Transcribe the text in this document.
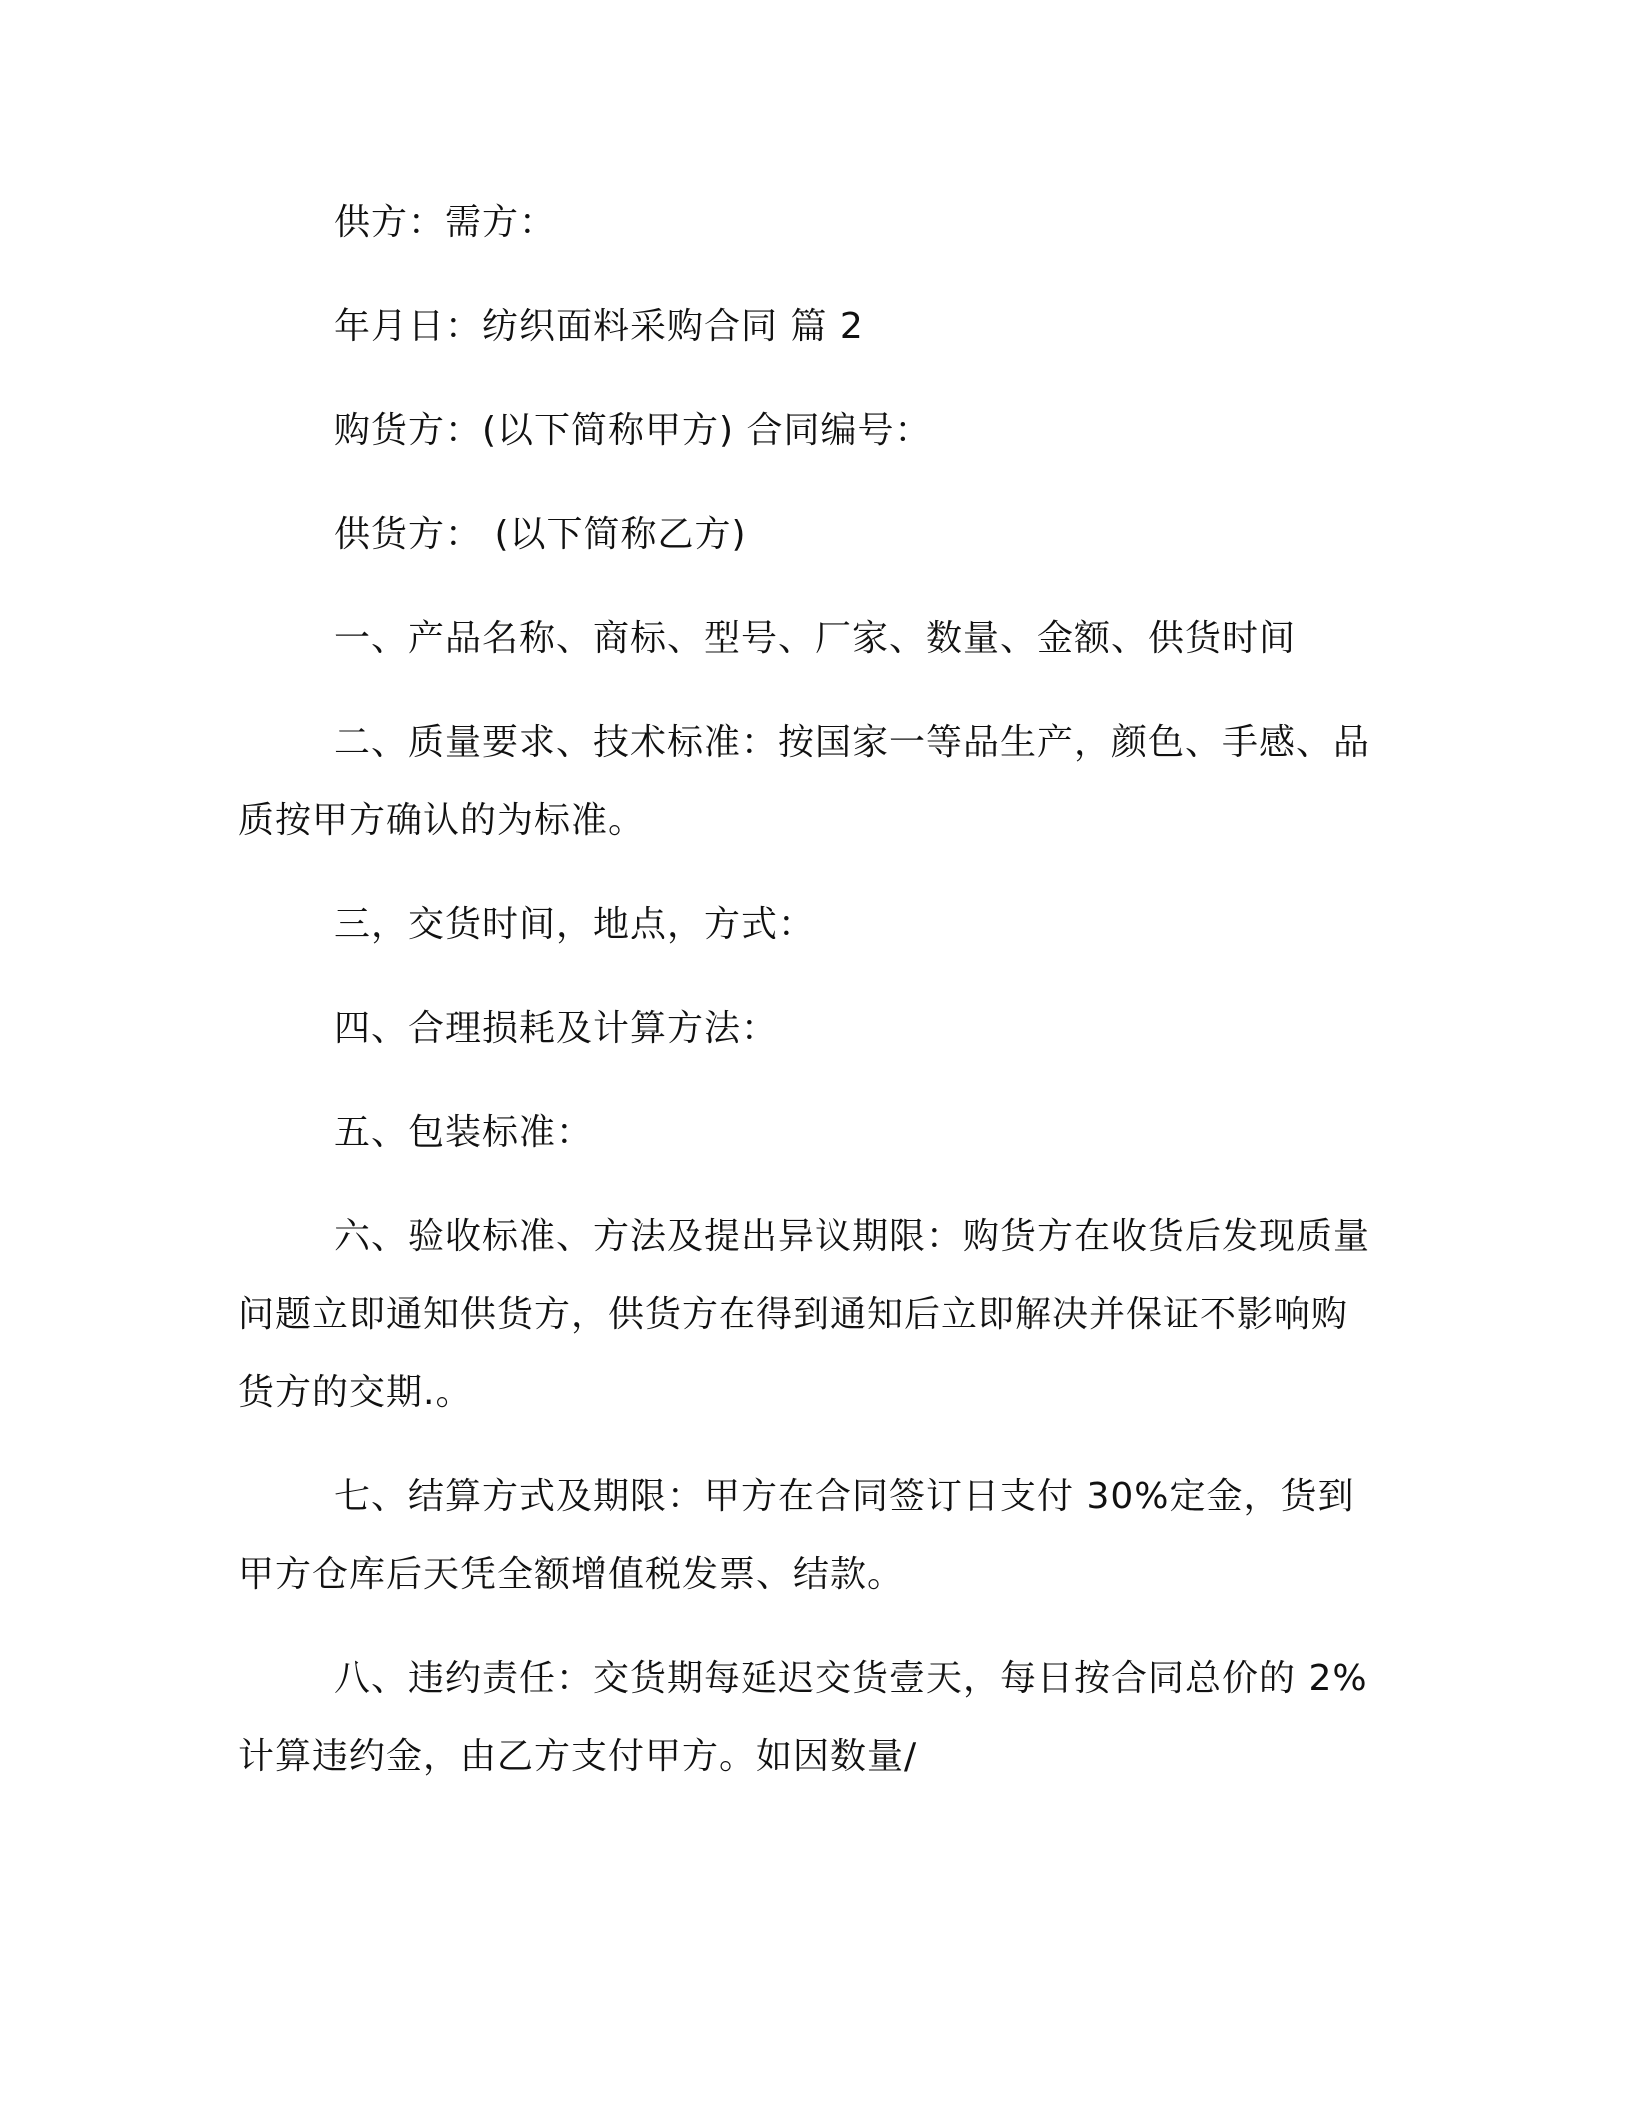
供方：需方：

年月日：纺织面料采购合同 篇 2

购货方：(以下简称甲方) 合同编号：

供货方： (以下简称乙方)

一、产品名称、商标、型号、厂家、数量、金额、供货时间

二、质量要求、技术标准：按国家一等品生产，颜色、手感、品质按甲方确认的为标准。

三，交货时间，地点，方式：

四、合理损耗及计算方法：

五、包装标准：

六、验收标准、方法及提出异议期限：购货方在收货后发现质量问题立即通知供货方，供货方在得到通知后立即解决并保证不影响购货方的交期.。

七、结算方式及期限：甲方在合同签订日支付 30%定金，货到甲方仓库后天凭全额增值税发票、结款。

八、违约责任：交货期每延迟交货壹天，每日按合同总价的 2%计算违约金，由乙方支付甲方。如因数量/
